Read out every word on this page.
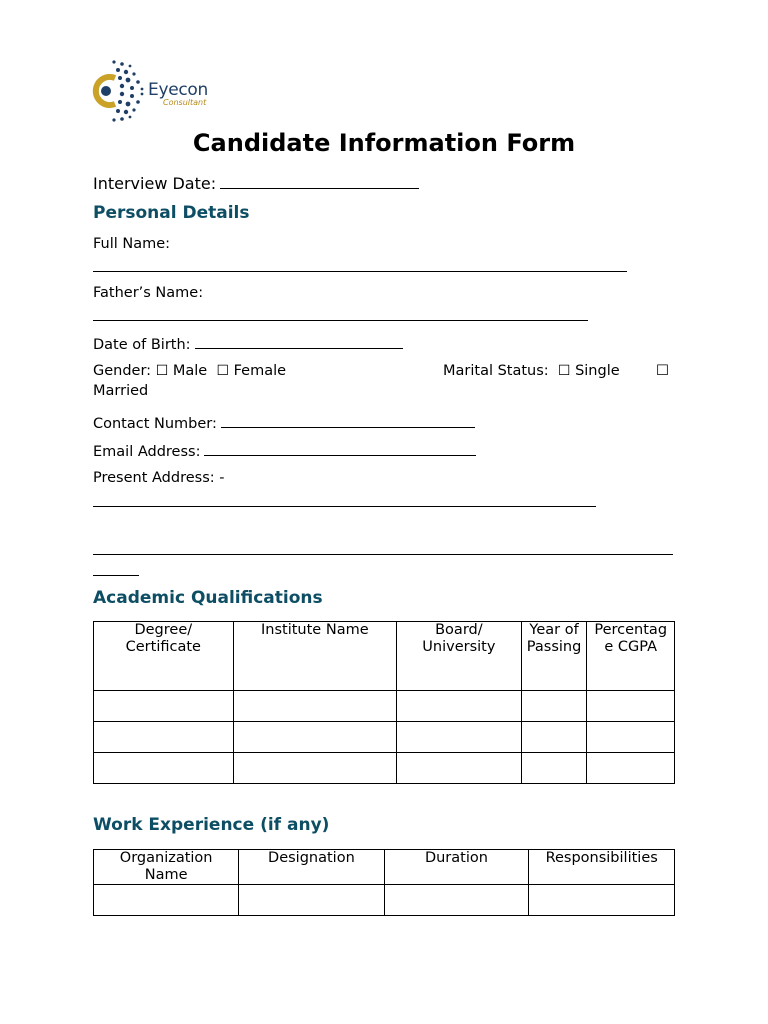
Eyecon
Consultant
Candidate Information Form
Interview Date:
Personal Details
Full Name:
Father’s Name:
Date of Birth:
Gender: ☐ Male ☐ Female	Marital Status: ☐ Single	☐
Married
Contact Number:
Email Address:
Present Address: -
Academic Qualifications
Degree/ Certificate	Institute Name	Board/ University	Year of Passing	Percentage CGPA

Work Experience (if any)
Organization Name	Designation	Duration	Responsibilities
